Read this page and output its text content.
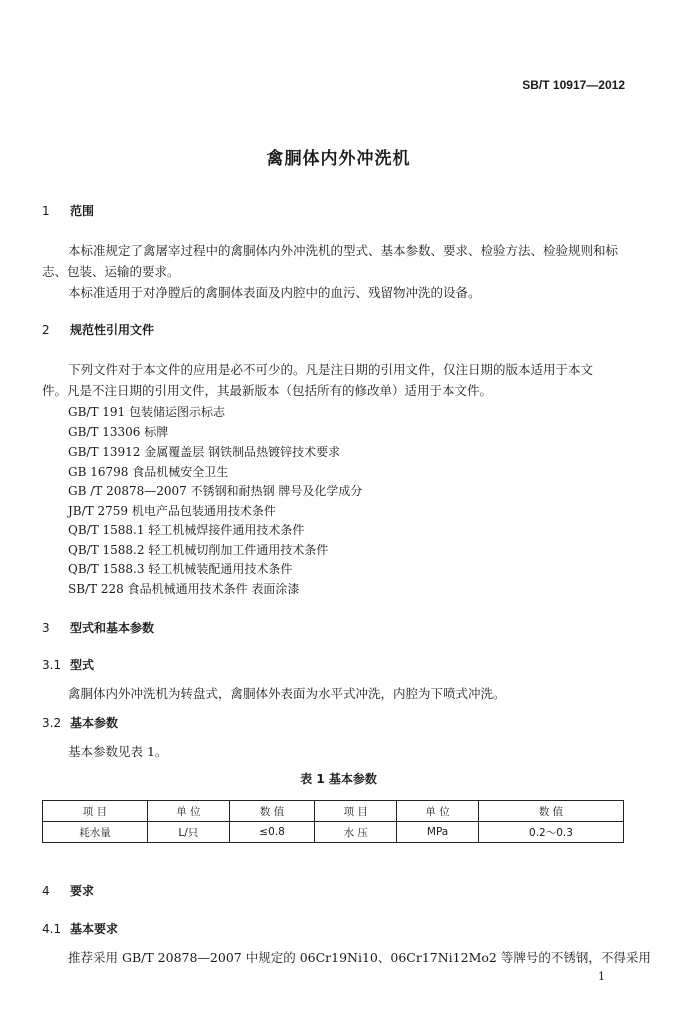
SB/T 10917—2012
禽胴体内外冲洗机
1 范围
本标准规定了禽屠宰过程中的禽胴体内外冲洗机的型式、基本参数、要求、检验方法、检验规则和标
志、包装、运输的要求。
本标准适用于对净膛后的禽胴体表面及内腔中的血污、残留物冲洗的设备。
2 规范性引用文件
下列文件对于本文件的应用是必不可少的。凡是注日期的引用文件，仅注日期的版本适用于本文
件。凡是不注日期的引用文件，其最新版本（包括所有的修改单）适用于本文件。
GB/T 191 包装储运图示标志
GB/T 13306 标牌
GB/T 13912 金属覆盖层 钢铁制品热镀锌技术要求
GB 16798 食品机械安全卫生
GB /T 20878—2007 不锈钢和耐热钢 牌号及化学成分
JB/T 2759 机电产品包装通用技术条件
QB/T 1588.1 轻工机械焊接件通用技术条件
QB/T 1588.2 轻工机械切削加工件通用技术条件
QB/T 1588.3 轻工机械装配通用技术条件
SB/T 228 食品机械通用技术条件 表面涂漆
3 型式和基本参数
3.1 型式
禽胴体内外冲洗机为转盘式，禽胴体外表面为水平式冲洗，内腔为下喷式冲洗。
3.2 基本参数
基本参数见表 1。
表 1 基本参数
项 目	单 位	数 值	项 目	单 位	数 值
耗水量	L/只	≤0.8	水 压	MPa	0.2～0.3
4 要求
4.1 基本要求
推荐采用 GB/T 20878—2007 中规定的 06Cr19Ni10、06Cr17Ni12Mo2 等牌号的不锈钢，不得采用
1
